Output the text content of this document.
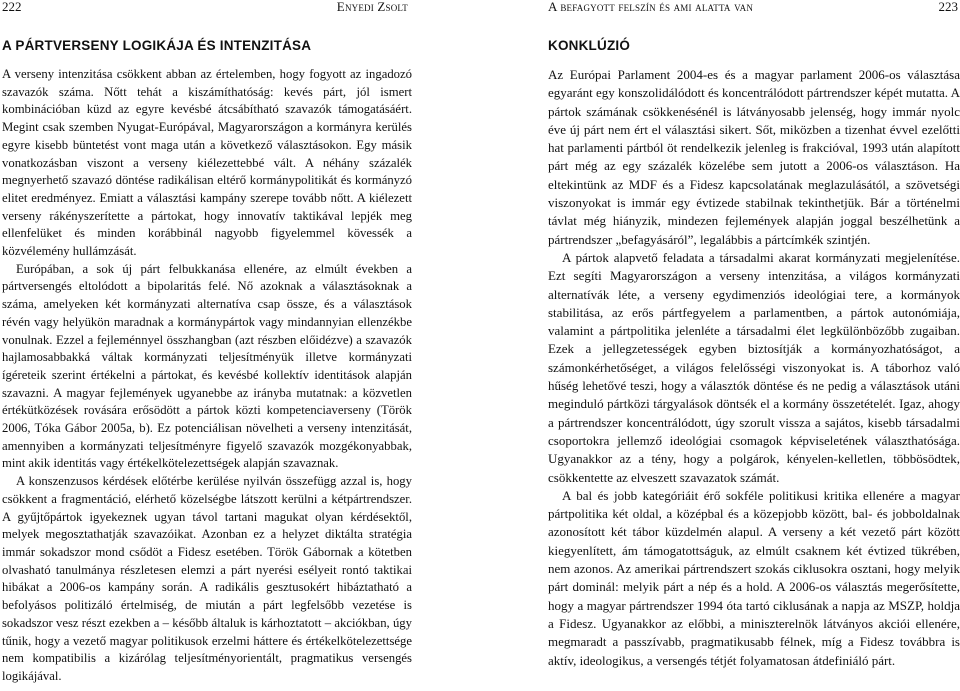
222	Enyedi Zsolt
A PÁRTVERSENY LOGIKÁJA ÉS INTENZITÁSA

A verseny intenzitása csökkent abban az értelemben, hogy fogyott az ingadozó szavazók száma. Nőtt tehát a kiszámíthatóság: kevés párt, jól ismert kombinációban küzd az egyre kevésbé átcsábítható szavazók támogatásáért. Megint csak szemben Nyugat-Európával, Magyarországon a kormányra kerülés egyre kisebb büntetést vont maga után a következő választásokon. Egy másik vonatkozásban viszont a verseny kiélezettebbé vált. A néhány százalék megnyerhető szavazó döntése radikálisan eltérő kormánypolitikát és kormányzó elitet eredményez. Emiatt a választási kampány szerepe tovább nőtt. A kiélezett verseny rákényszerítette a pártokat, hogy innovatív taktikával lepjék meg ellenfelüket és minden korábbinál nagyobb figyelemmel kövessék a közvélemény hullámzását.

Európában, a sok új párt felbukkanása ellenére, az elmúlt években a pártversengés eltolódott a bipolaritás felé. Nő azoknak a választásoknak a száma, amelyeken két kormányzati alternatíva csap össze, és a választások révén vagy helyükön maradnak a kormánypártok vagy mindannyian ellenzékbe vonulnak. Ezzel a fejleménnyel összhangban (azt részben előidézve) a szavazók hajlamosabbakká váltak kormányzati teljesítményük illetve kormányzati ígéreteik szerint értékelni a pártokat, és kevésbé kollektív identitások alapján szavazni. A magyar fejlemények ugyanebbe az irányba mutatnak: a közvetlen értékütközések rovására erősödött a pártok közti kompetenciaverseny (Török 2006, Tóka Gábor 2005a, b). Ez potenciálisan növelheti a verseny intenzitását, amennyiben a kormányzati teljesítményre figyelő szavazók mozgékonyabbak, mint akik identitás vagy értékelkötelezettségek alapján szavaznak.

A konszenzusos kérdések előtérbe kerülése nyilván összefügg azzal is, hogy csökkent a fragmentáció, elérhető közelségbe látszott kerülni a kétpártrendszer. A gyűjtőpártok igyekeznek ugyan távol tartani magukat olyan kérdésektől, melyek megosztathatják szavazóikat. Azonban ez a helyzet diktálta stratégia immár sokadszor mond csődöt a Fidesz esetében. Török Gábornak a kötetben olvasható tanulmánya részletesen elemzi a párt nyerési esélyeit rontó taktikai hibákat a 2006-os kampány során. A radikális gesztusokért hibáztatható a befolyásos politizáló értelmiség, de miután a párt legfelsőbb vezetése is sokadszor vesz részt ezekben a – később általuk is kárhoztatott – akciókban, úgy tűnik, hogy a vezető magyar politikusok erzelmi háttere és értékelkötelezettsége nem kompatibilis a kizárólag teljesítményorientált, pragmatikus versengés logikájával.

A befagyott felszín és ami alatta van	223
KONKLÚZIÓ

Az Európai Parlament 2004-es és a magyar parlament 2006-os választása egyaránt egy konszolidálódott és koncentrálódott pártrendszer képét mutatta. A pártok számának csökkenésénél is látványosabb jelenség, hogy immár nyolc éve új párt nem ért el választási sikert. Sőt, miközben a tizenhat évvel ezelőtti hat parlamenti pártból öt rendelkezik jelenleg is frakcióval, 1993 után alapított párt még az egy százalék közelébe sem jutott a 2006-os választáson. Ha eltekintünk az MDF és a Fidesz kapcsolatának meglazulásától, a szövetségi viszonyokat is immár egy évtizede stabilnak tekinthetjük. Bár a történelmi távlat még hiányzik, mindezen fejlemények alapján joggal beszélhetünk a pártrendszer „befagyásáról”, legalábbis a pártcímkék szintjén.

A pártok alapvető feladata a társadalmi akarat kormányzati megjelenítése. Ezt segíti Magyarországon a verseny intenzitása, a világos kormányzati alternatívák léte, a verseny egydimenziós ideológiai tere, a kormányok stabilitása, az erős pártfegyelem a parlamentben, a pártok autonómiája, valamint a pártpolitika jelenléte a társadalmi élet legkülönbözőbb zugaiban. Ezek a jellegzetességek egyben biztosítják a kormányozhatóságot, a számonkérhetőséget, a világos felelősségi viszonyokat is. A táborhoz való hűség lehetővé teszi, hogy a választók döntése és ne pedig a választások utáni meginduló pártközi tárgyalások döntsék el a kormány összetételét. Igaz, ahogy a pártrendszer koncentrálódott, úgy szorult vissza a sajátos, kisebb társadalmi csoportokra jellemző ideológiai csomagok képviseletének választhatósága. Ugyanakkor az a tény, hogy a polgárok, kényelen-kelletlen, többösödtek, csökkentette az elveszett szavazatok számát.

A bal és jobb kategóriáit érő sokféle politikusi kritika ellenére a magyar pártpolitika két oldal, a középbal és a közepjobb között, bal- és jobboldalnak azonosított két tábor küzdelmén alapul. A verseny a két vezető párt között kiegyenlített, ám támogatottságuk, az elmúlt csaknem két évtized tükrében, nem azonos. Az amerikai pártrendszert szokás ciklusokra osztani, hogy melyik párt dominál: melyik párt a nép és a hold. A 2006-os választás megerősítette, hogy a magyar pártrendszer 1994 óta tartó ciklusának a napja az MSZP, holdja a Fidesz. Ugyanakkor az előbbi, a miniszterelnök látványos akciói ellenére, megmaradt a passzívabb, pragmatikusabb félnek, míg a Fidesz továbbra is aktív, ideologikus, a versengés tétjét folyamatosan átdefiniáló párt.
